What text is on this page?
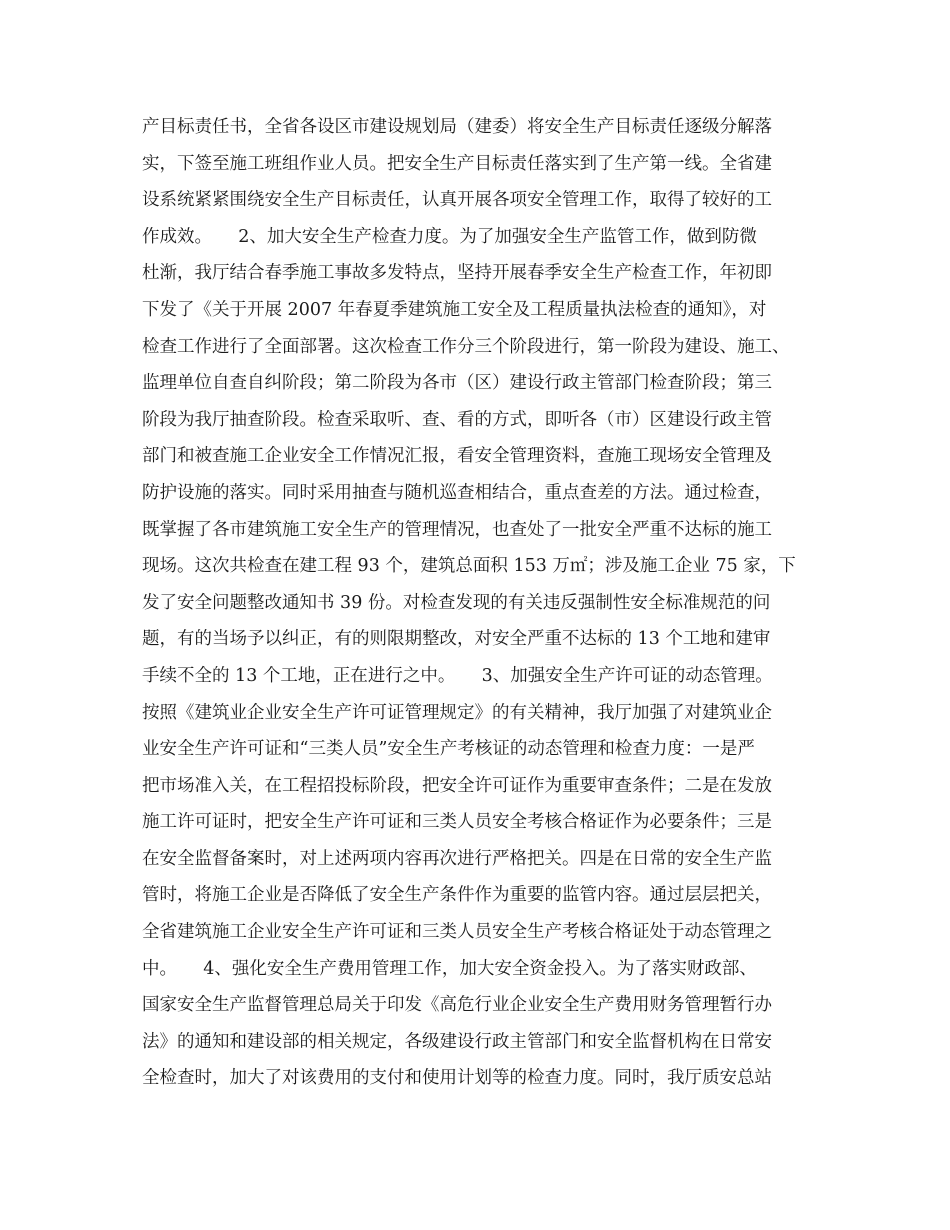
产目标责任书，全省各设区市建设规划局（建委）将安全生产目标责任逐级分解落
实，下签至施工班组作业人员。把安全生产目标责任落实到了生产第一线。全省建
设系统紧紧围绕安全生产目标责任，认真开展各项安全管理工作，取得了较好的工
作成效。　　2、加大安全生产检查力度。为了加强安全生产监管工作，做到防微
杜渐，我厅结合春季施工事故多发特点，坚持开展春季安全生产检查工作，年初即
下发了《关于开展 2007 年春夏季建筑施工安全及工程质量执法检查的通知》，对
检查工作进行了全面部署。这次检查工作分三个阶段进行，第一阶段为建设、施工、
监理单位自查自纠阶段；第二阶段为各市（区）建设行政主管部门检查阶段；第三
阶段为我厅抽查阶段。检查采取听、查、看的方式，即听各（市）区建设行政主管
部门和被查施工企业安全工作情况汇报，看安全管理资料，查施工现场安全管理及
防护设施的落实。同时采用抽查与随机巡查相结合，重点查差的方法。通过检查，
既掌握了各市建筑施工安全生产的管理情况，也查处了一批安全严重不达标的施工
现场。这次共检查在建工程 93 个，建筑总面积 153 万㎡；涉及施工企业 75 家，下
发了安全问题整改通知书 39 份。对检查发现的有关违反强制性安全标准规范的问
题，有的当场予以纠正，有的则限期整改，对安全严重不达标的 13 个工地和建审
手续不全的 13 个工地，正在进行之中。　　3、加强安全生产许可证的动态管理。
按照《建筑业企业安全生产许可证管理规定》的有关精神，我厅加强了对建筑业企
业安全生产许可证和“三类人员”安全生产考核证的动态管理和检查力度：一是严
把市场准入关，在工程招投标阶段，把安全许可证作为重要审查条件；二是在发放
施工许可证时，把安全生产许可证和三类人员安全考核合格证作为必要条件；三是
在安全监督备案时，对上述两项内容再次进行严格把关。四是在日常的安全生产监
管时，将施工企业是否降低了安全生产条件作为重要的监管内容。通过层层把关，
全省建筑施工企业安全生产许可证和三类人员安全生产考核合格证处于动态管理之
中。　　4、强化安全生产费用管理工作，加大安全资金投入。为了落实财政部、
国家安全生产监督管理总局关于印发《高危行业企业安全生产费用财务管理暂行办
法》的通知和建设部的相关规定，各级建设行政主管部门和安全监督机构在日常安
全检查时，加大了对该费用的支付和使用计划等的检查力度。同时，我厅质安总站
